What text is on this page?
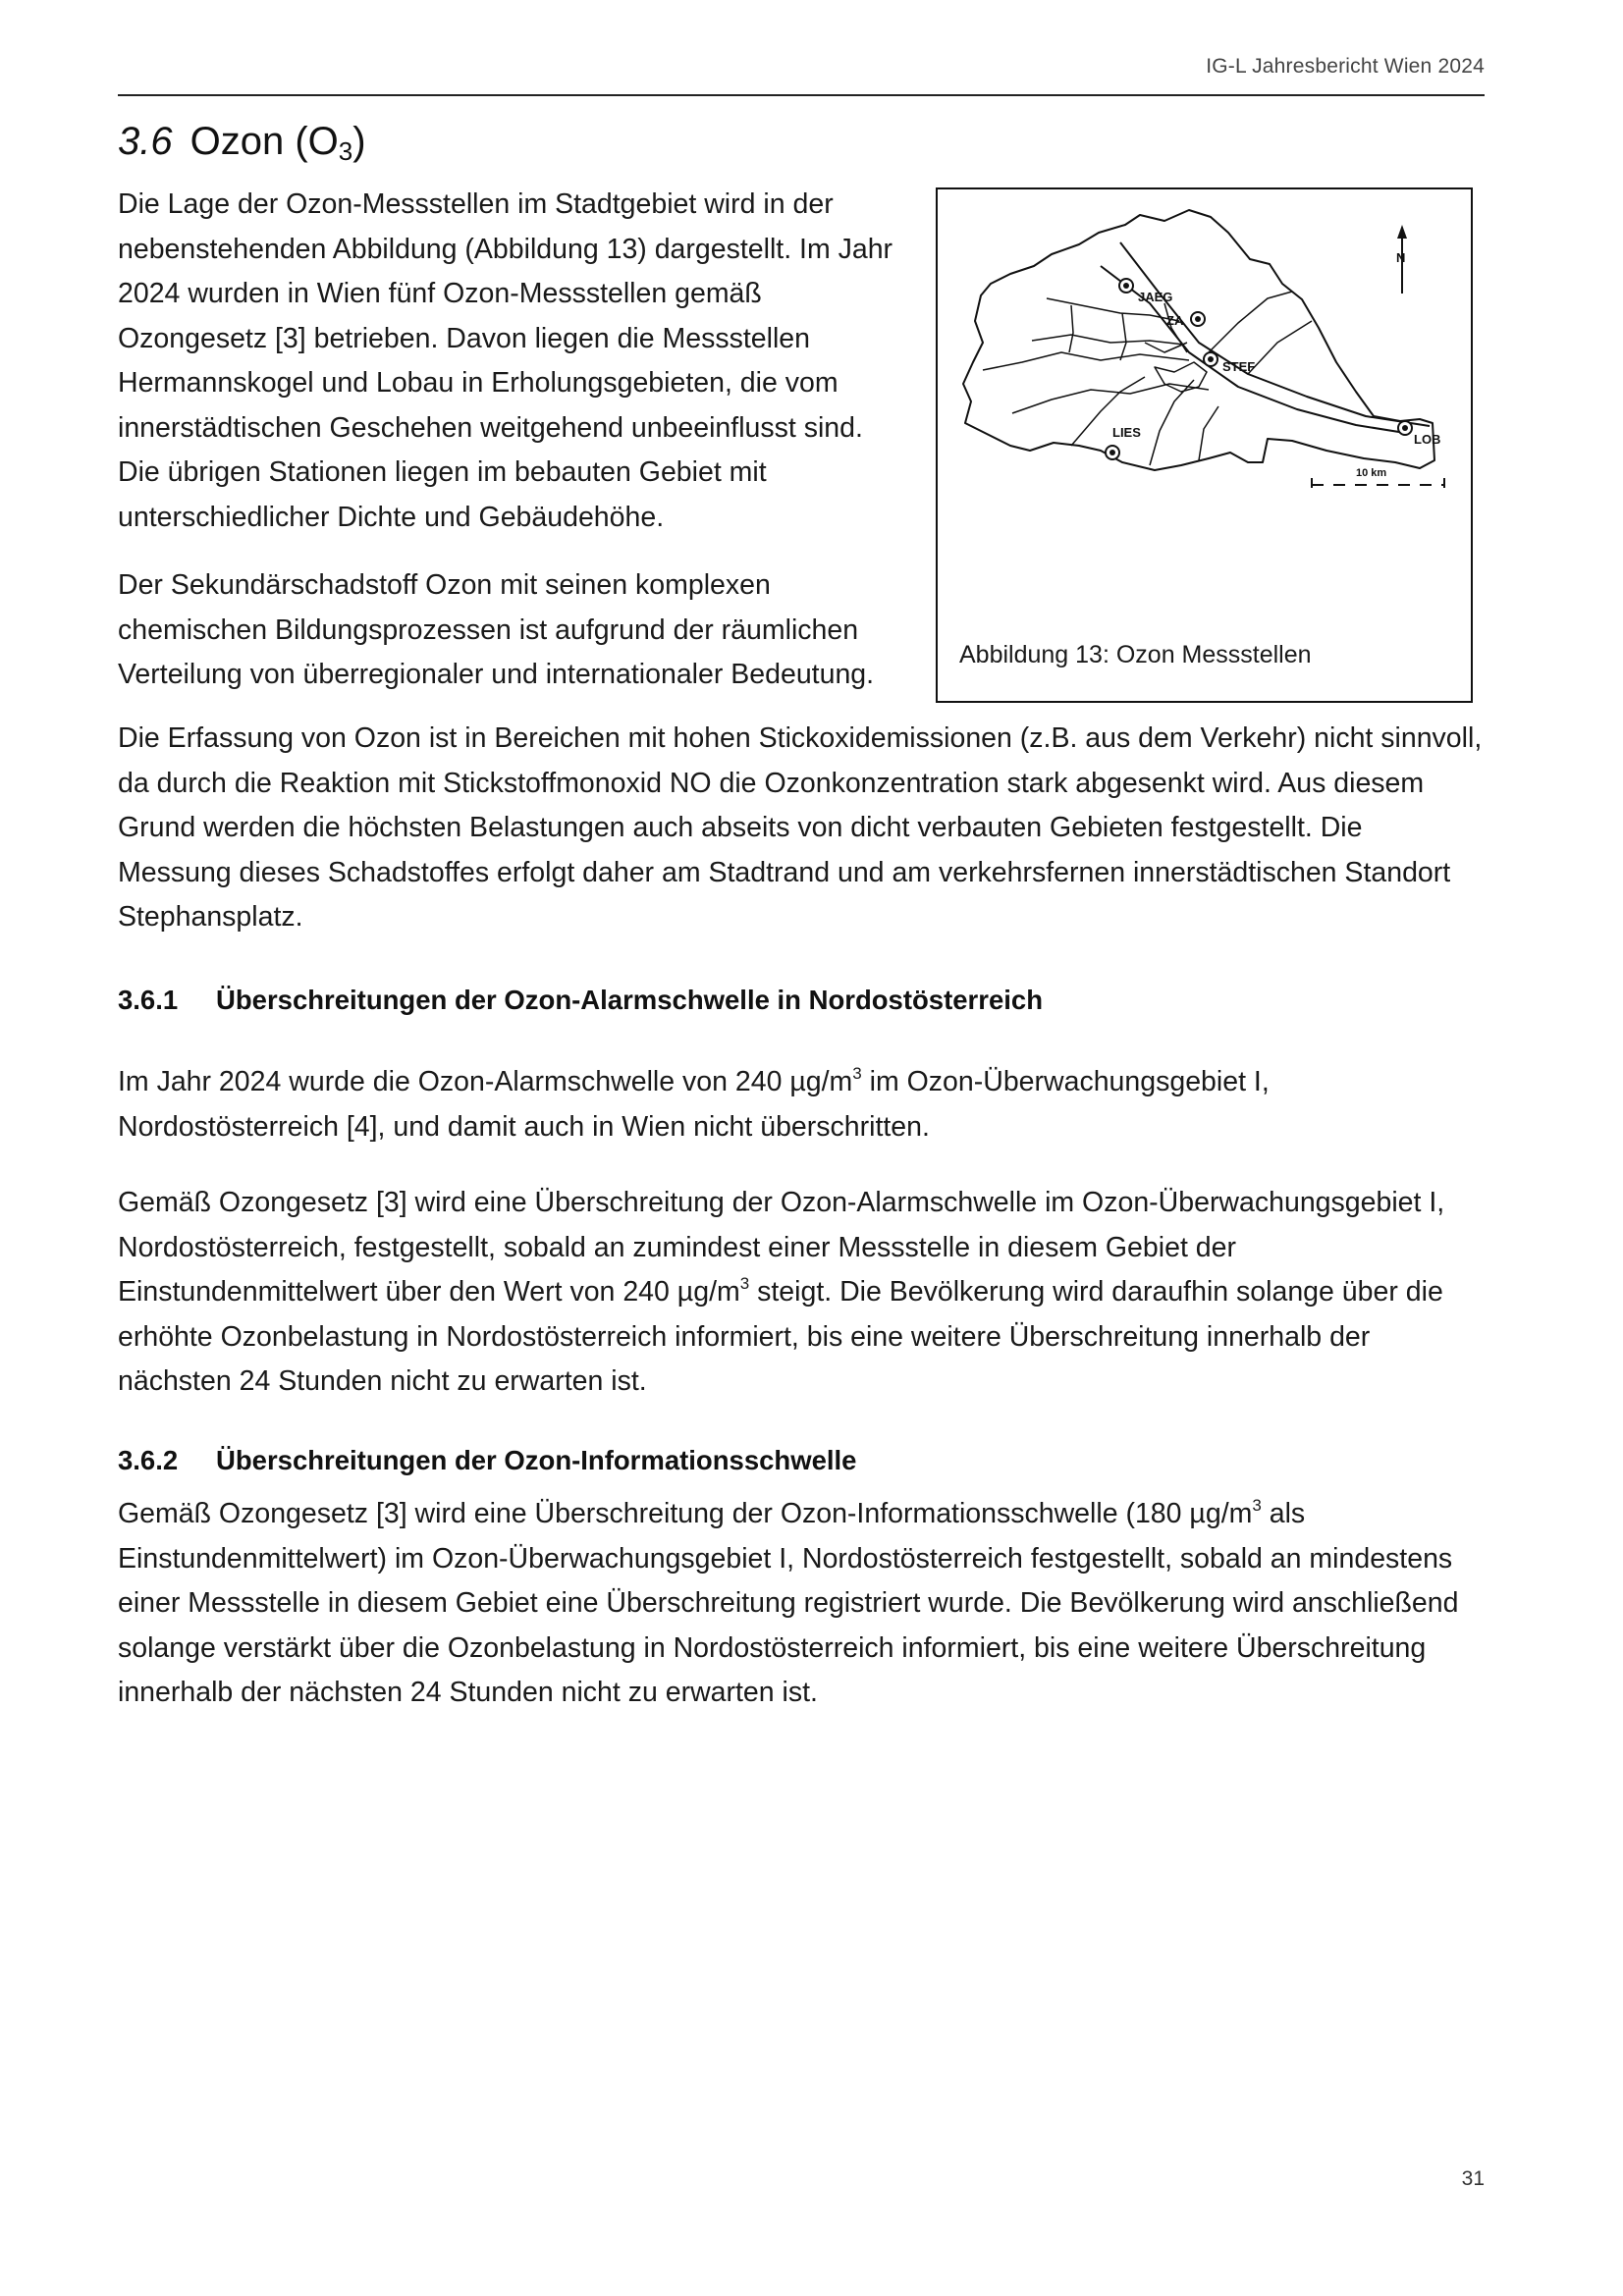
IG-L Jahresbericht Wien 2024
3.6 Ozon $(O_3)$

Die Lage der Ozon-Messstellen im Stadtgebiet wird in der nebenstehenden Abbildung (Abbildung 13) dargestellt. Im Jahr 2024 wurden in Wien fünf Ozon-Messstellen gemäß Ozongesetz [3] betrieben. Davon liegen die Messstellen Hermannskogel und Lobau in Erholungsgebieten, die vom innerstädtischen Geschehen weitgehend unbeeinflusst sind. Die übrigen Stationen liegen im bebauten Gebiet mit unterschiedlicher Dichte und Gebäudehöhe.

Der Sekundärschadstoff Ozon mit seinen komplexen chemischen Bildungsprozessen ist aufgrund der räumlichen Verteilung von überregionaler und internationaler Bedeutung.

N
JAEG
ZA
STEF
LOB
LIES
10 km
Abbildung 13: Ozon Messstellen

Die Erfassung von Ozon ist in Bereichen mit hohen Stickoxidemissionen (z.B. aus dem Verkehr) nicht sinnvoll, da durch die Reaktion mit Stickstoffmonoxid NO die Ozonkonzentration stark abgesenkt wird. Aus diesem Grund werden die höchsten Belastungen auch abseits von dicht verbauten Gebieten festgestellt. Die Messung dieses Schadstoffes erfolgt daher am Stadtrand und am verkehrsfernen innerstädtischen Standort Stephansplatz.

3.6.1 Überschreitungen der Ozon-Alarmschwelle in Nordostösterreich

Im Jahr 2024 wurde die Ozon-Alarmschwelle von 240 $\mu g/m^3$ im Ozon-Überwachungsgebiet I, Nordostösterreich [4], und damit auch in Wien nicht überschritten.

Gemäß Ozongesetz [3] wird eine Überschreitung der Ozon-Alarmschwelle im Ozon-Überwachungsgebiet I, Nordostösterreich, festgestellt, sobald an zumindest einer Messstelle in diesem Gebiet der Einstundenmittelwert über den Wert von 240 $\mu g/m^3$ steigt. Die Bevölkerung wird daraufhin solange über die erhöhte Ozonbelastung in Nordostösterreich informiert, bis eine weitere Überschreitung innerhalb der nächsten 24 Stunden nicht zu erwarten ist.

3.6.2 Überschreitungen der Ozon-Informationsschwelle

Gemäß Ozongesetz [3] wird eine Überschreitung der Ozon-Informationsschwelle (180 $\mu g/m^3$ als Einstundenmittelwert) im Ozon-Überwachungsgebiet I, Nordostösterreich festgestellt, sobald an mindestens einer Messstelle in diesem Gebiet eine Überschreitung registriert wurde. Die Bevölkerung wird anschließend solange verstärkt über die Ozonbelastung in Nordostösterreich informiert, bis eine weitere Überschreitung innerhalb der nächsten 24 Stunden nicht zu erwarten ist.

31
